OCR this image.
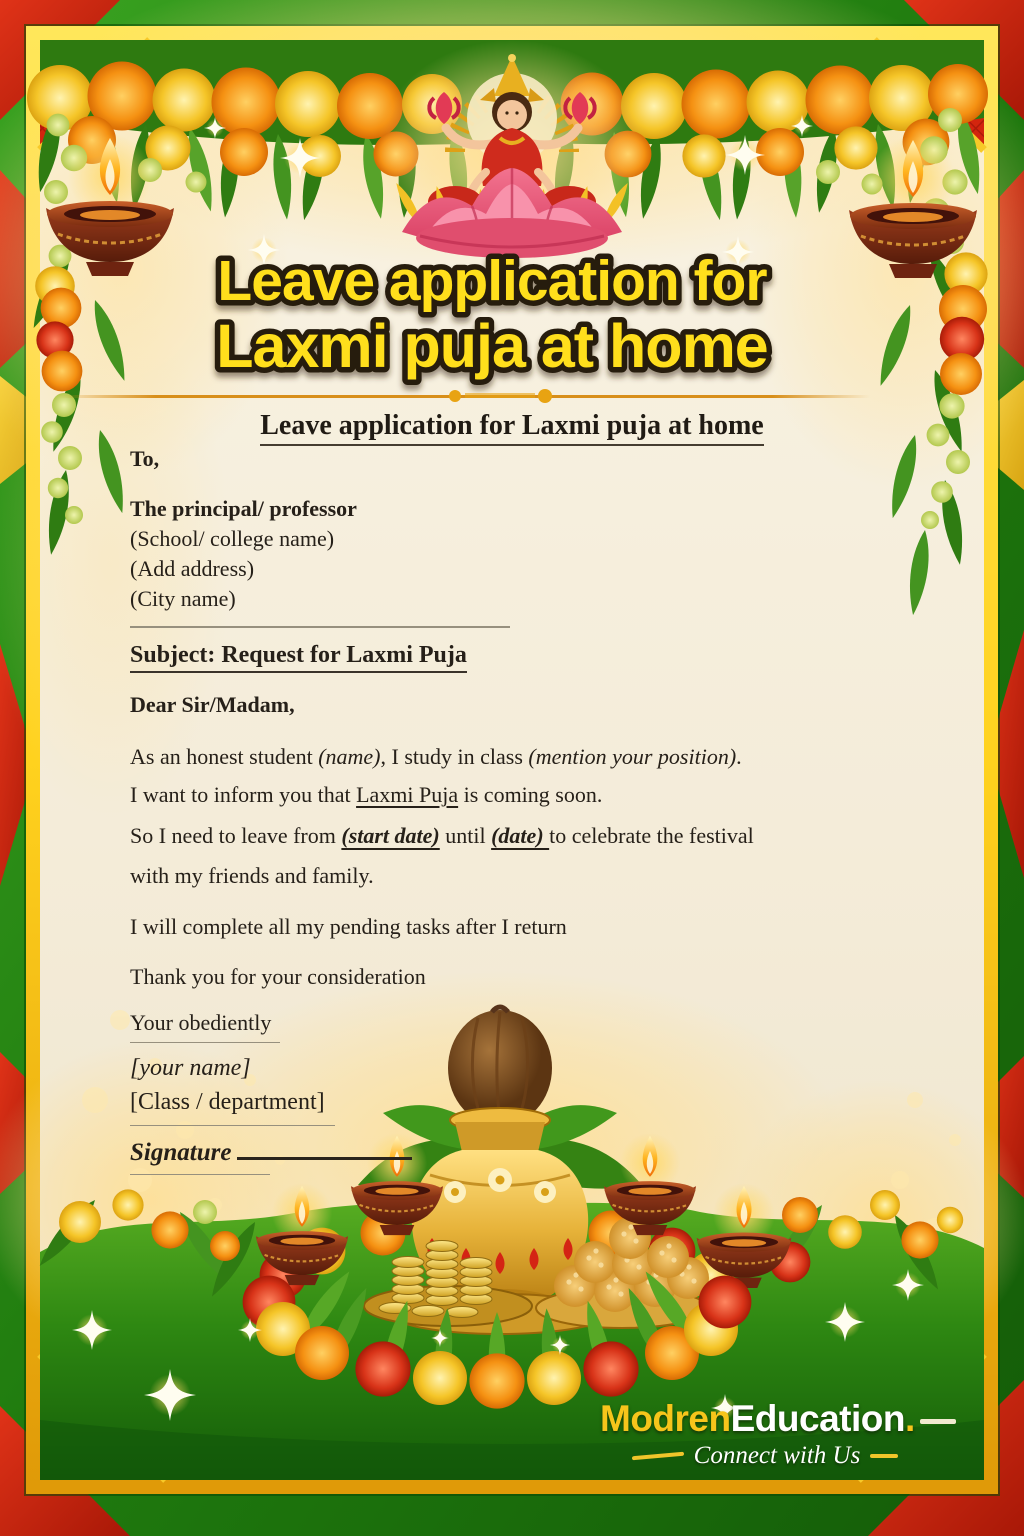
Leave application for
Laxmi puja at home
Leave application for Laxmi puja at home
To,
The principal/ professor
(School/ college name)
(Add address)
(City name)
Subject: Request for Laxmi Puja
Dear Sir/Madam,
As an honest student (name), I study in class (mention your position).
I want to inform you that Laxmi Puja is coming soon.
So I need to leave from (start date) until (date) to celebrate the festival
with my friends and family.
I will complete all my pending tasks after I return
Thank you for your consideration
Your obediently
[your name]
[Class / department]
Signature
ModrenEducation.
Connect with Us
